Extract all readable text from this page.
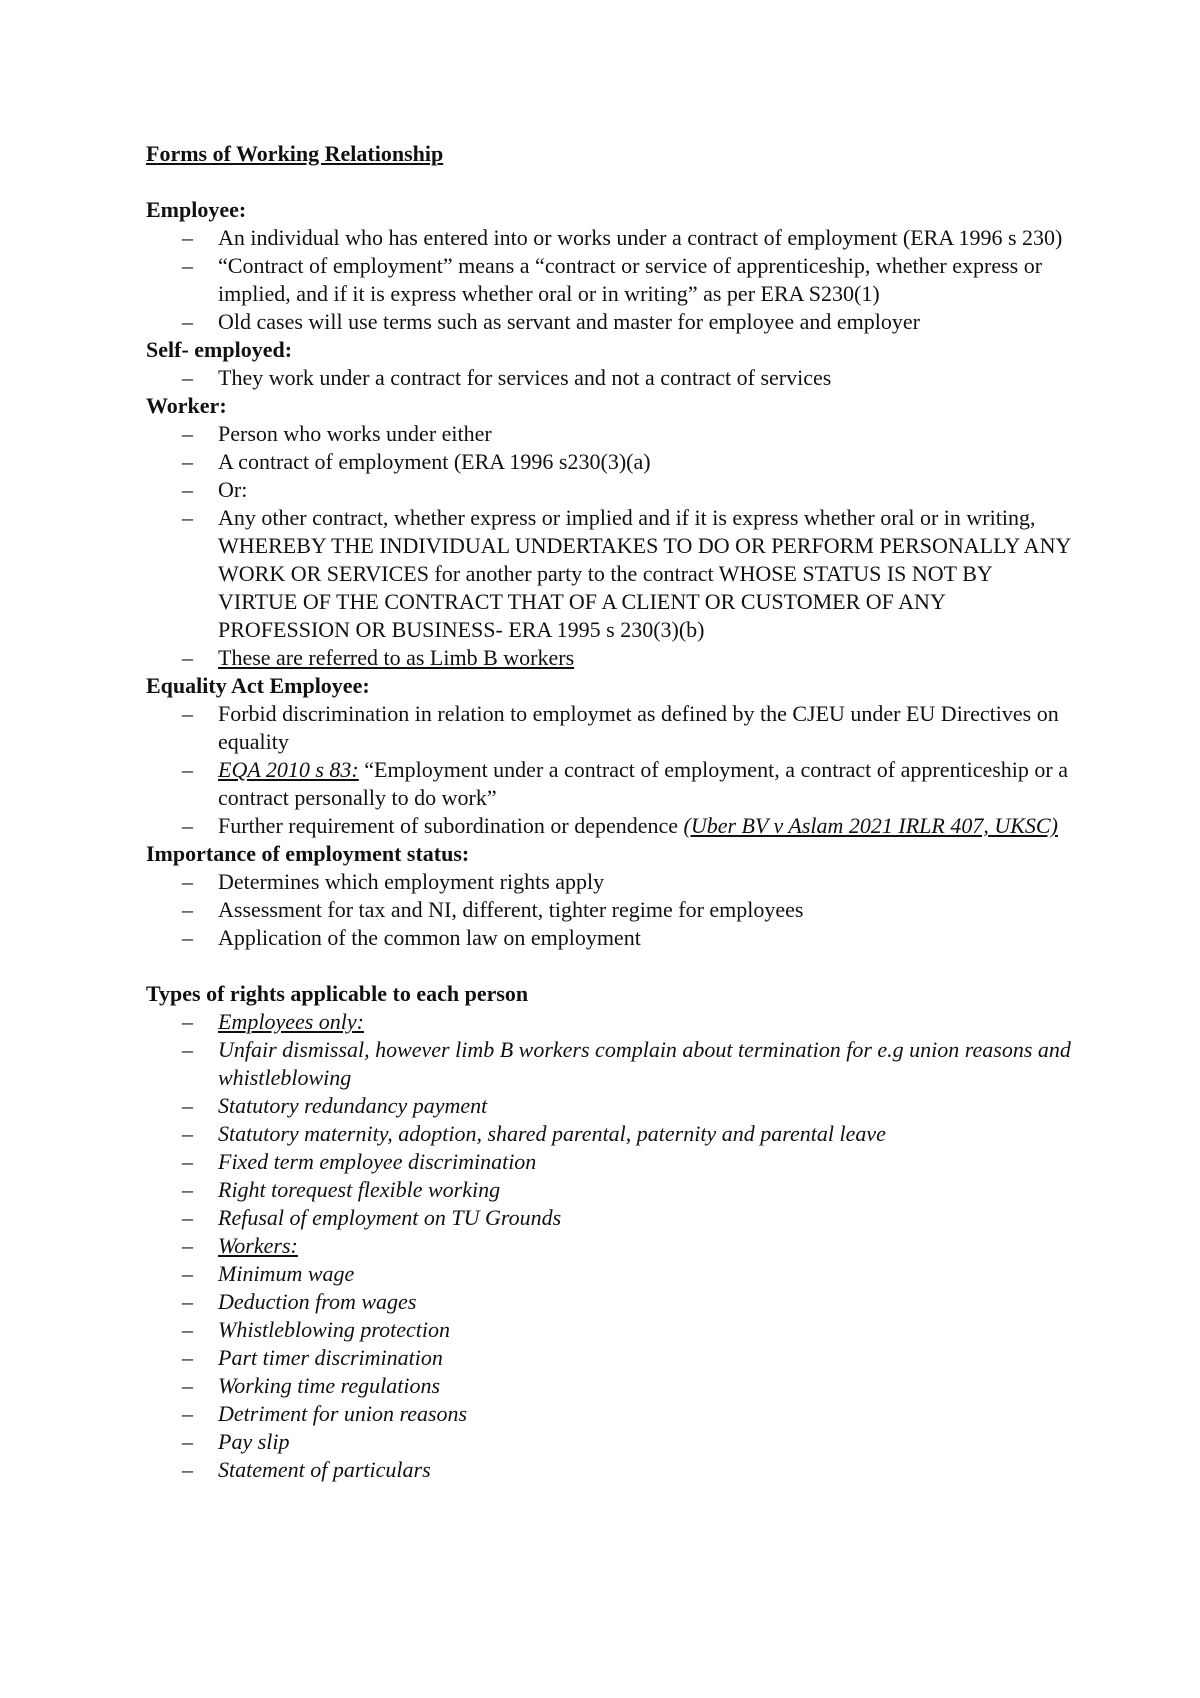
Forms of Working Relationship

Employee:

– An individual who has entered into or works under a contract of employment (ERA 1996 s 230)
– “Contract of employment” means a “contract or service of apprenticeship, whether express or implied, and if it is express whether oral or in writing” as per ERA S230(1)
– Old cases will use terms such as servant and master for employee and employer

Self- employed:

– They work under a contract for services and not a contract of services

Worker:

– Person who works under either
– A contract of employment (ERA 1996 s230(3)(a)
– Or:
– Any other contract, whether express or implied and if it is express whether oral or in writing, WHEREBY THE INDIVIDUAL UNDERTAKES TO DO OR PERFORM PERSONALLY ANY WORK OR SERVICES for another party to the contract WHOSE STATUS IS NOT BY VIRTUE OF THE CONTRACT THAT OF A CLIENT OR CUSTOMER OF ANY PROFESSION OR BUSINESS- ERA 1995 s 230(3)(b)
– These are referred to as Limb B workers

Equality Act Employee:

– Forbid discrimination in relation to employmet as defined by the CJEU under EU Directives on equality
– EQA 2010 s 83: “Employment under a contract of employment, a contract of apprenticeship or a contract personally to do work”
– Further requirement of subordination or dependence (Uber BV v Aslam 2021 IRLR 407, UKSC)

Importance of employment status:

– Determines which employment rights apply
– Assessment for tax and NI, different, tighter regime for employees
– Application of the common law on employment

Types of rights applicable to each person

– Employees only:
– Unfair dismissal, however limb B workers complain about termination for e.g union reasons and whistleblowing
– Statutory redundancy payment
– Statutory maternity, adoption, shared parental, paternity and parental leave
– Fixed term employee discrimination
– Right torequest flexible working
– Refusal of employment on TU Grounds
– Workers:
– Minimum wage
– Deduction from wages
– Whistleblowing protection
– Part timer discrimination
– Working time regulations
– Detriment for union reasons
– Pay slip
– Statement of particulars
